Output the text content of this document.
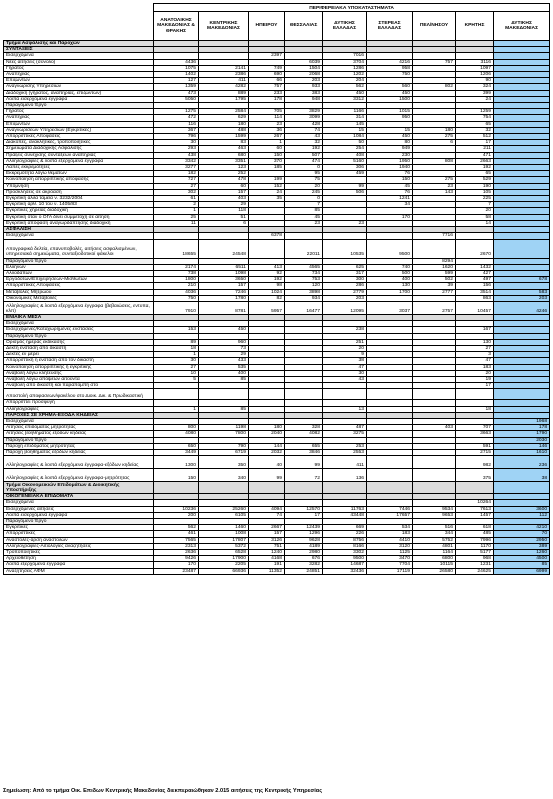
	ΠΕΡΙΦΕΡΕΙΑΚΑ ΥΠΟΚΑΤΑΣΤΗΜΑΤΑ								
	ΑΝΑΤΟΛΙΚΗΣ ΜΑΚΕΔΟΝΙΑΣ & ΘΡΑΚΗΣ	ΚΕΝΤΡΙΚΗΣ ΜΑΚΕΔΟΝΙΑΣ	ΗΠΕΙΡΟΥ	ΘΕΣΣΑΛΙΑΣ	ΔΥΤΙΚΗΣ ΕΛΛΑΔΑΣ	ΣΤΕΡΕΑΣ ΕΛΛΑΔΑΣ	ΠΕΛ/ΝΗΣΟΥ	ΚΡΗΤΗΣ	ΔΥΤΙΚΗΣ ΜΑΚΕΔΟΝΙΑΣ
Τμήμα Ασφάλισης και Παροχών									
ΣΥΝΤΑΞΕΙΣ									
Εισερχόμενα			2397		7016				
Νέες αιτήσεις (σύνολο)	4436			6039	3704	4216	757	3116	
Γήρατος	1075	2141	749	1504	1286	958		1097	
Αναπηρίας	1402	2386	690	2068	1202	750		1206	
Επιζώντων	127	411	66	203	204			90	
Αναγνώρισης Υπηρεσιών	1359	4282	757	933	562	560	802	324	
Διαδοχική (γήρατος, αναπηρίας, επιζώντων)	473	889	233	383	450	450		399	
Λοιπά εισερχόμενα έγγραφα	5050	1795	178	948	3312	1500		24	
Παραγόμενο Έργο									
Γήρατος	1275	2584	705	3829	1166	1015		1259	
Αναπηρίας	472	629	114	3099	314	950		754	
Επιζώντων	116	180	23	428	145			65	
Αναγνωρίσεων Υπηρεσιών (Εγκριτικές)	367	488	36	74	15	15	180	32	
Απορριπτικές Αποφάσεις	796	1599	267	43	1084	450	275	512	
Διακοπές, ανακλητικές, τροποποιητικές	30	83	1	32	50	80	6	17	
Σημειώματα Διαδοχικής Ασφάλισης	293	463	60	192	254	949		211	
Πράξεις συνέχισης συντάξεων αναπηρίας	438	680	150	507	408	230		471	
Αλληλογραφίες & λοιπά εξερχόμενα έγγραφα	3342	3351	370	474	5160	1950	808	2663	
Λαπές εκκρεμότητες	3277	123	185	0	306	1940		192	
Εκκρεμότητα λόγω θεμάτων	182	252		95	459	76		65	
Κοινοποίηση απορριπτικής απόφασης	727	478	199	75		150	275	529	
Υπόμνηση	27	60	152	20	99	45	23	190	
Προσκλήσεις σε ακρόαση	302	157	24	245	506	76	143	105	
Εγκριτική άλλα ταμεία ν. 3232/2004	61	403	35	0		1241		225	
Εγκριτική αρθ. 10 του ν. 1405/83	2	29		7		34		7	
Εγκριτικές χήρείας διαδοχική	1	118		85				20	
Εγκριτική όταν ο ΟΓΑ δίνει συμμετοχή σε αίτηση	25	51		45		170		58	
Εγκριτική απόφαση αναγωρδάπτησης διαδοχική	11	6		23	23			14	
ΑΣΦΑΛΙΣΗ									
Εισερχόμενα			6378				7716		
Απογραφικά δελτία, επανυποβολές, αιτήσεις ασφαλισμένων, υπηρεσιακά σημειώματα, συνταξιοδοτικοί φάκελοι	18655	24548		22011	10535	9500		2670	
Παραγόμενο Έργο							8294		
Ελλήνων	2174	6511	413	4565	625	740	1620	1432	
Αλλοδαπών	738	1098	92	734	317	500	599	427	
Εργοδοτών/Επιχειρήσεων-Μισθωτών	1800	3650	192	753	300	400	502	497	678
Απορριπτικές Αποφάσεις	210	157	98	120	286	130	39	156	
Μεταβολές Μητρώου	4036	7246	1024	3898	2779	1700	2777	3514	583
Οικονομικές Μεταβολές	750	1780	82	934	203			863	203
Αλληλογραφίες & λοιπά εξερχόμενα έγγραφα (βεβαιώσεις, εντυπα, κλπ)	7910	8781	5957	16477	12095	3037	2757	10457	4246
ΕΝΙΑΙΚΑ ΜΕΣΑ									
Εισερχόμενα									
Εισερχόμενες/Καταχωρημένες ενστάσεις	153	450			238			167	
Παραγόμενο Έργο									
Ορισμός ημέρας εκδίκασης	89	960			251			130	
Δεκτή ένσταση από δικαστή	18	73			20			27	
Δεκτές εν μέρει	1	29			9			3	
Απορριπτική η ένσταση από τον δικαστή	30	433			38			47	
Κοινοποίηση απορριπτικής ή εγκριτικής	27	535			47			183	
Αναβολή λόγω κλήτευσης	10	400			30			20	
Αναβολή λόγω απόψεων αιτούντα	5	85			43			19	
Αναβολή από δικαστή και παραπομπή στο								17	
Αποστολή αποφασεων/φακέλου στο Διοικ. Δικ. & Πρωδικαστική									
Απορρίπτει προσφυγή									
Αλληλογραφίες	1	85			13			18	
ΠΑΡΟΧΕΣ ΣΕ ΧΡΗΜΑ-ΕΞΟΔΑ ΚΗΔΕΙΑΣ									
Εισερχόμενα									1968
Αιτήσεις επιδόματος μητρότητας	800	1198	180	328	487		403	707	178
Αιτήσεις βοηθήματος εξόδων κηδείας	4080	7800	2040	4082	3275			3663	1790
Παραγόμενο Έργο									2030
Παροχή επιδόματος μητρότητας	650	790	144	655	253			591	146
Παροχή βοηθήματος εξόδων κηδείας	3449	6719	2032	3846	2553			2715	1610
Αλληλογραφίες & λοιπά εξερχόμενα έγγραφα-εξόδων κηδείας	1300	350	40	99	411			982	236
Αλληλογραφίες & λοιπά εξερχόμενα έγγραφα-μητρότητας	150	340	99	72	136			375	38
Τμήμα Οικονομεικιών Επιδομάτων & Διοικητικής Υποστήριξης									
ΟΙΚΟΓΕΝΕΙΑΚΑ ΕΠΙΔΟΜΑΤΑ									
Εισερχόμενα								10264	
Εισερχόμενες αιτήσεις	10236	25260	4094	12570	11763	7446	9534	7613	3600
Λοιπά εισερχόμενα έγγραφα	200	6105	74	17	43448	17657	9653	1457	112
Παραγόμενο Έργο									
Εγκριτικές	562	1460	2667	12439	669	534	516	618	4210
Απορριπτικές	461	1008	157	1296	226	183	344	485	70
Αναστολές-άρση αναστολών	7565	17807	3126	9628	8756	4410	5752	7996	2950
Αλληλογραφίες-Αιτιολογίες αναζητήσεις	2313	5372	751	4189	8166	3120	4801	1170	389
Τροποποιητικές	2636	6528	1240	2980	3302	1125	1164	5177	1260
Αρχειοθέτηση	9426	17900	4168	676	9500	3470	6800	968	4500
Λοιπά εξερχόμενα έγγραφα	170	2205	191	3282	14687	7704	10115	1231	85
Αναζητήσεις ΑΦΜ	23487	66936	11352	24851	32436	17119	26580	24625	6999
Σημείωση: Από το τμήμα Οικ. Επιδων Κεντρικής Μακεδονίας διεκπεραιώθηκαν 2.015 αιτήσεις της Κεντρικής Υπηρεσίας
